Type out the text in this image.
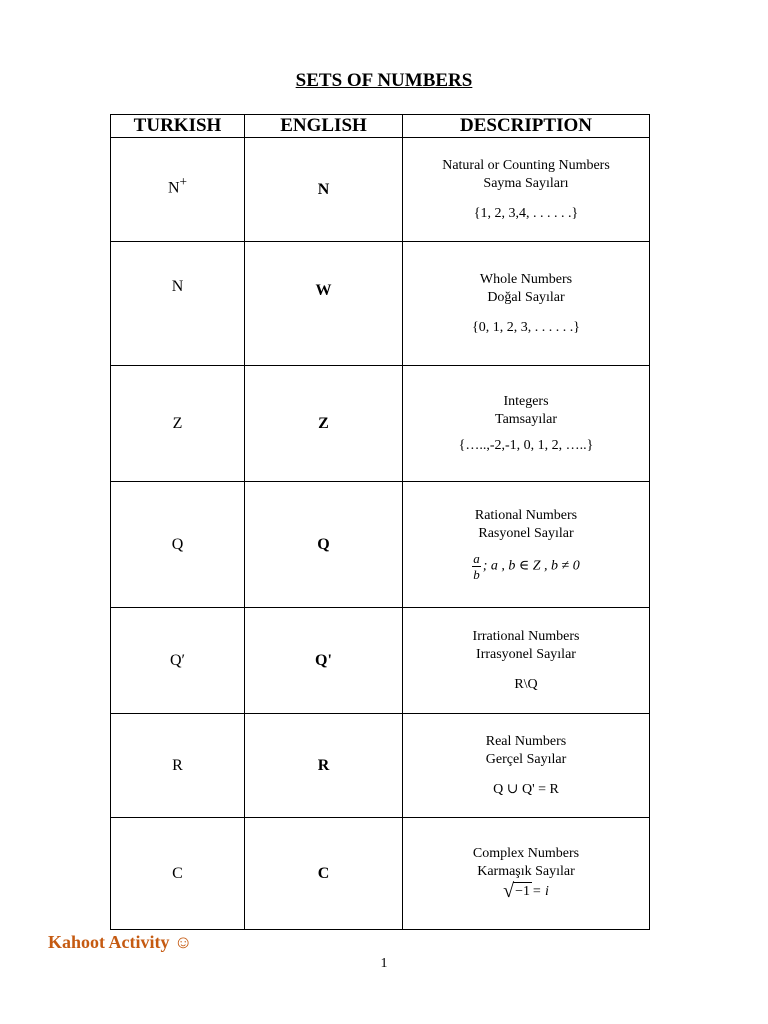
SETS OF NUMBERS
TURKISH	ENGLISH	DESCRIPTION
N+	N	Natural or Counting Numbers
Sayma Sayıları
{1, 2, 3,4, . . . . . .}

N	W	Whole Numbers
Doğal Sayılar
{0, 1, 2, 3, . . . . . .}

Z	Z	Integers
Tamsayılar
{…..,-2,-1, 0, 1, 2, …..}

Q	Q	Rational Numbers
Rasyonel Sayılar
$\frac{a}{b}$ ; a , b ∈ Z , b ≠ 0

Q′	Q'	Irrational Numbers
Irrasyonel Sayılar
R\Q

R	R	Real Numbers
Gerçel Sayılar
Q ∪ Q' = R

C	C	Complex Numbers
Karmaşık Sayılar
√ −1 = i
Kahoot Activity ☺
1
